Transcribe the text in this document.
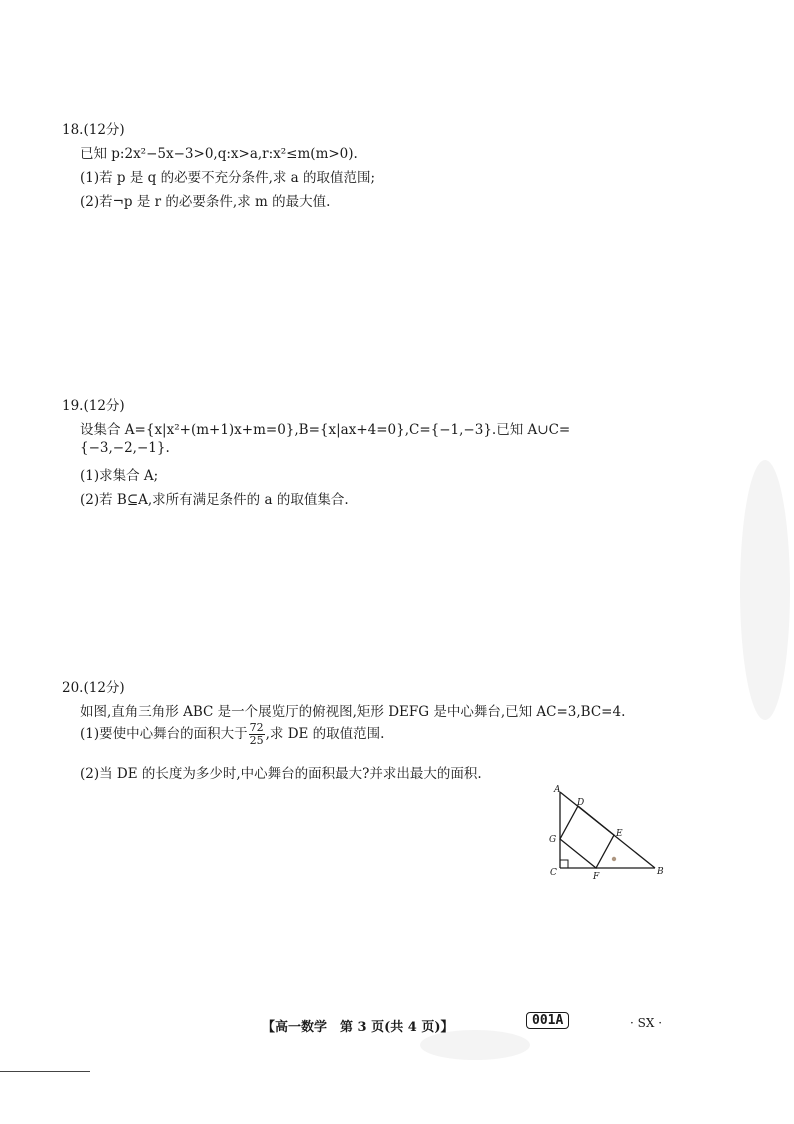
18.(12分)
已知 p:2x²−5x−3>0,q:x>a,r:x²≤m(m>0).
(1)若 p 是 q 的必要不充分条件,求 a 的取值范围;
(2)若¬p 是 r 的必要条件,求 m 的最大值.
19.(12分)
设集合 A={x|x²+(m+1)x+m=0},B={x|ax+4=0},C={−1,−3}.已知 A∪C=
{−3,−2,−1}.
(1)求集合 A;
(2)若 B⊆A,求所有满足条件的 a 的取值集合.
20.(12分)
如图,直角三角形 ABC 是一个展览厅的俯视图,矩形 DEFG 是中心舞台,已知 AC=3,BC=4.
(1)要使中心舞台的面积大于 $\frac{72}{25}$ ,求 DE 的取值范围.
(2)当 DE 的长度为多少时,中心舞台的面积最大?并求出最大的面积.
A
D
E
G
C	F	B
【高一数学　第 3 页(共 4 页)】	001A	· SX ·
